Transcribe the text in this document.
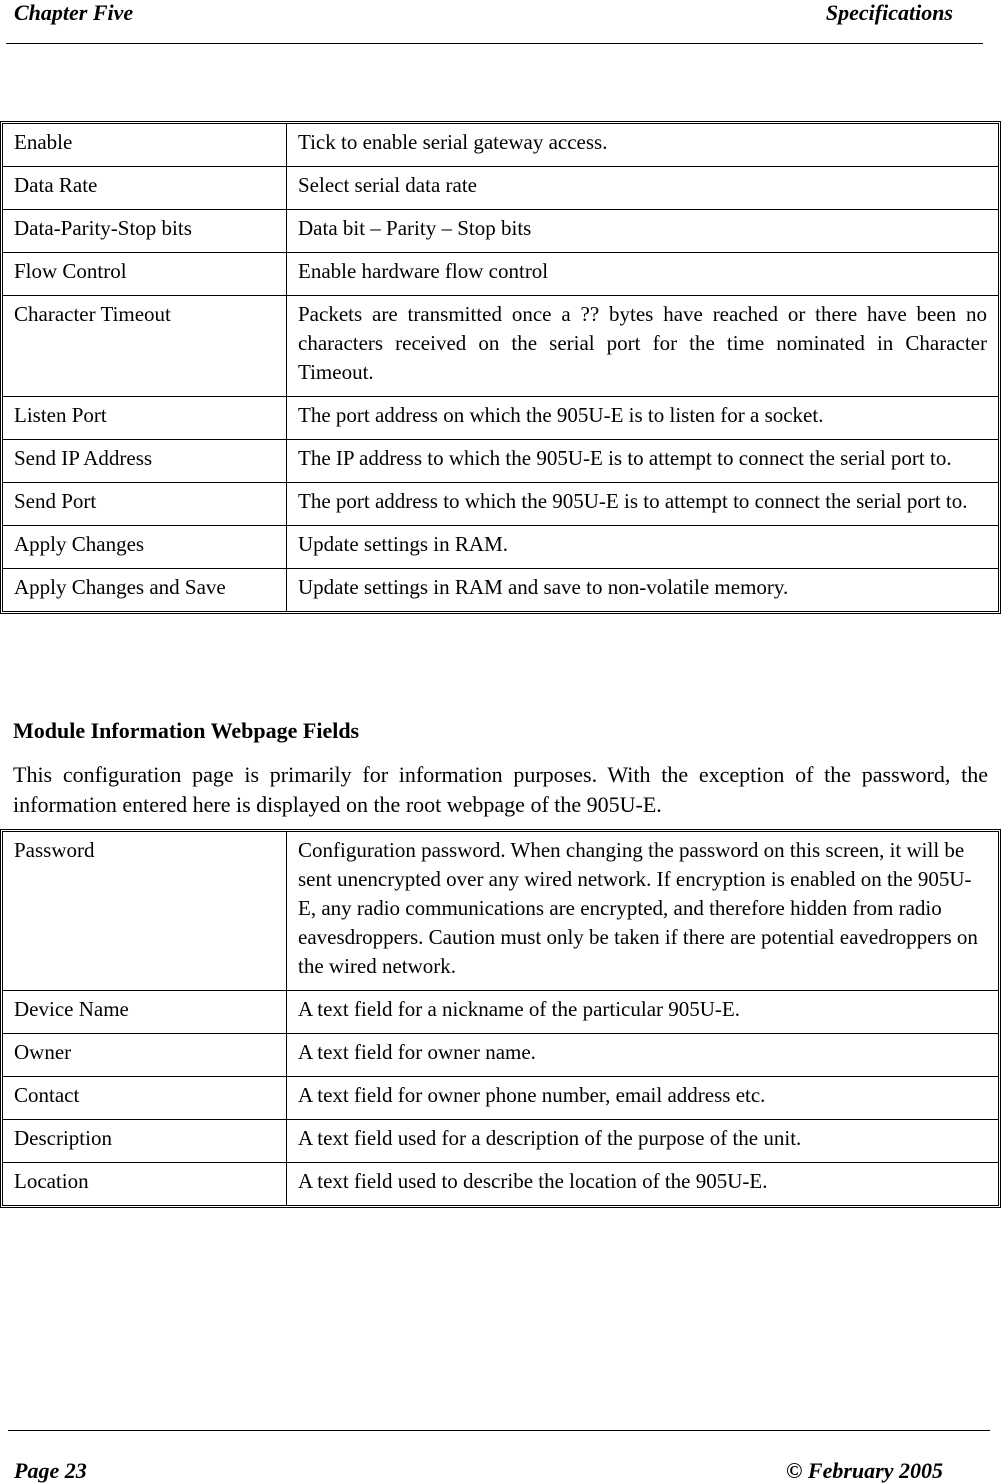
Chapter Five	Specifications
Enable	Tick to enable serial gateway access.
Data Rate	Select serial data rate
Data-Parity-Stop bits	Data bit – Parity – Stop bits
Flow Control	Enable hardware flow control
Character Timeout	Packets are transmitted once a ?? bytes have reached or there have been no characters received on the serial port for the time nominated in Character Timeout.
Listen Port	The port address on which the 905U-E is to listen for a socket.
Send IP Address	The IP address to which the 905U-E is to attempt to connect the serial port to.
Send Port	The port address to which the 905U-E is to attempt to connect the serial port to.
Apply Changes	Update settings in RAM.
Apply Changes and Save	Update settings in RAM and save to non-volatile memory.
Module Information Webpage Fields
This configuration page is primarily for information purposes. With the exception of the password, the information entered here is displayed on the root webpage of the 905U-E.
Password	Configuration password. When changing the password on this screen, it will be sent unencrypted over any wired network. If encryption is enabled on the 905U-E, any radio communications are encrypted, and therefore hidden from radio eavesdroppers. Caution must only be taken if there are potential eavedroppers on the wired network.
Device Name	A text field for a nickname of the particular 905U-E.
Owner	A text field for owner name.
Contact	A text field for owner phone number, email address etc.
Description	A text field used for a description of the purpose of the unit.
Location	A text field used to describe the location of the 905U-E.
Page 23	© February 2005
